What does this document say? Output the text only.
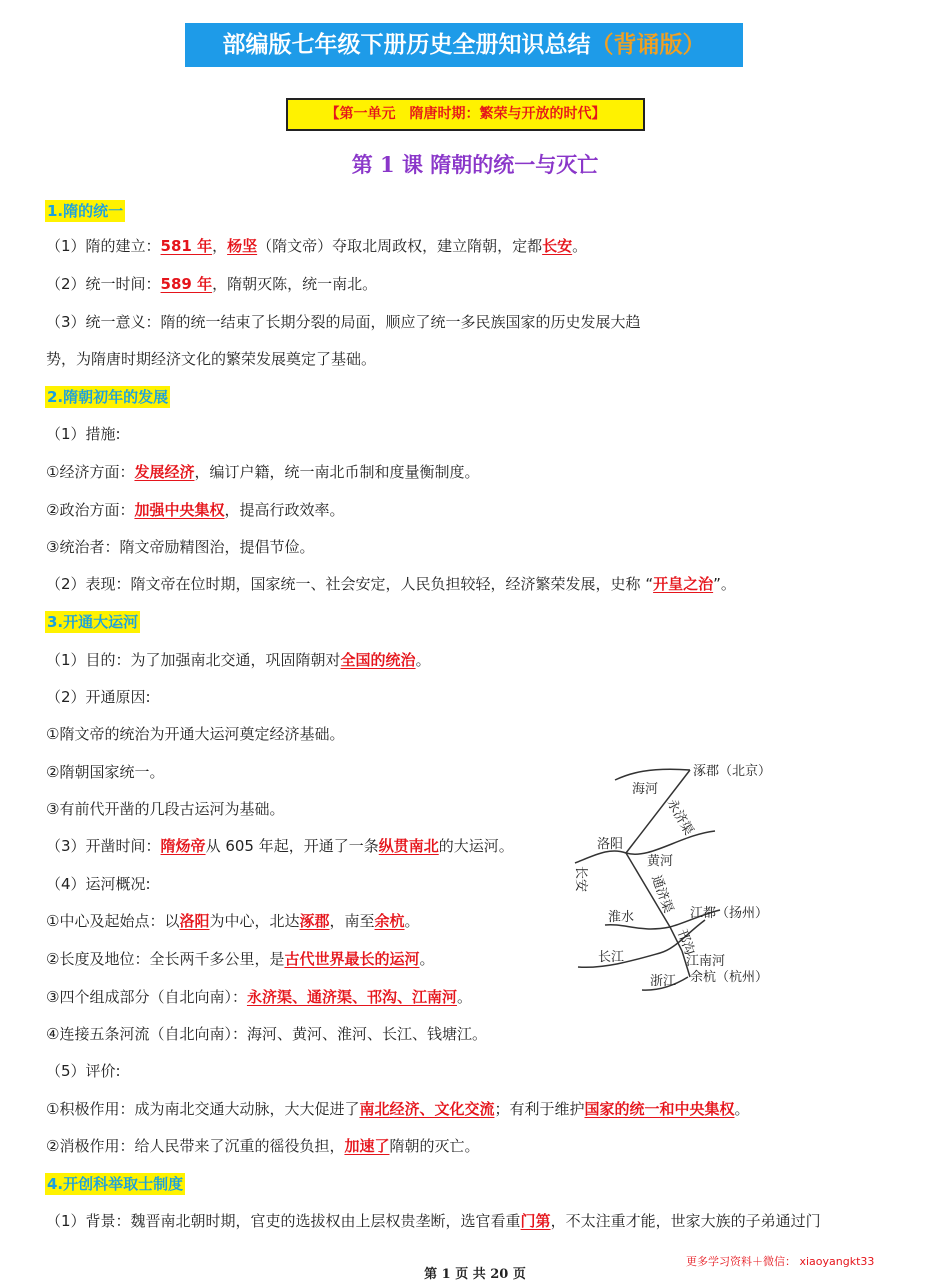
部编版七年级下册历史全册知识总结（背诵版）
【第一单元　隋唐时期：繁荣与开放的时代】
第 1 课 隋朝的统一与灭亡
1.隋的统一
（1）隋的建立：581 年，杨坚（隋文帝）夺取北周政权，建立隋朝，定都长安。
（2）统一时间：589 年，隋朝灭陈，统一南北。
（3）统一意义：隋的统一结束了长期分裂的局面，顺应了统一多民族国家的历史发展大趋
势，为隋唐时期经济文化的繁荣发展奠定了基础。
2.隋朝初年的发展
（1）措施:
①经济方面：发展经济，编订户籍，统一南北币制和度量衡制度。
②政治方面：加强中央集权，提高行政效率。
③统治者：隋文帝励精图治，提倡节俭。
（2）表现：隋文帝在位时期，国家统一、社会安定，人民负担较轻，经济繁荣发展，史称 “开皇之治”。
3.开通大运河
（1）目的：为了加强南北交通，巩固隋朝对全国的统治。
（2）开通原因:
①隋文帝的统治为开通大运河奠定经济基础。
②隋朝国家统一。
③有前代开凿的几段古运河为基础。
（3）开凿时间：隋炀帝从 605 年起，开通了一条纵贯南北的大运河。
（4）运河概况:
①中心及起始点：以洛阳为中心，北达涿郡，南至余杭。
②长度及地位：全长两千多公里，是古代世界最长的运河。
③四个组成部分（自北向南）：永济渠、通济渠、邗沟、江南河。
④连接五条河流（自北向南）：海河、黄河、淮河、长江、钱塘江。
（5）评价:
①积极作用：成为南北交通大动脉，大大促进了南北经济、文化交流；有利于维护国家的统一和中央集权。
②消极作用：给人民带来了沉重的徭役负担，加速了隋朝的灭亡。
4.开创科举取士制度
（1）背景：魏晋南北朝时期，官吏的选拔权由上层权贵垄断，选官看重门第，不太注重才能，世家大族的子弟通过门
涿郡（北京）
海河
永济渠
洛阳
黄河
长安	通济渠 江都（扬州）
淮水
邗沟
江南河
长江
浙江 余杭（杭州）
更多学习资料＋微信： xiaoyangkt33
第 1 页 共 20 页
